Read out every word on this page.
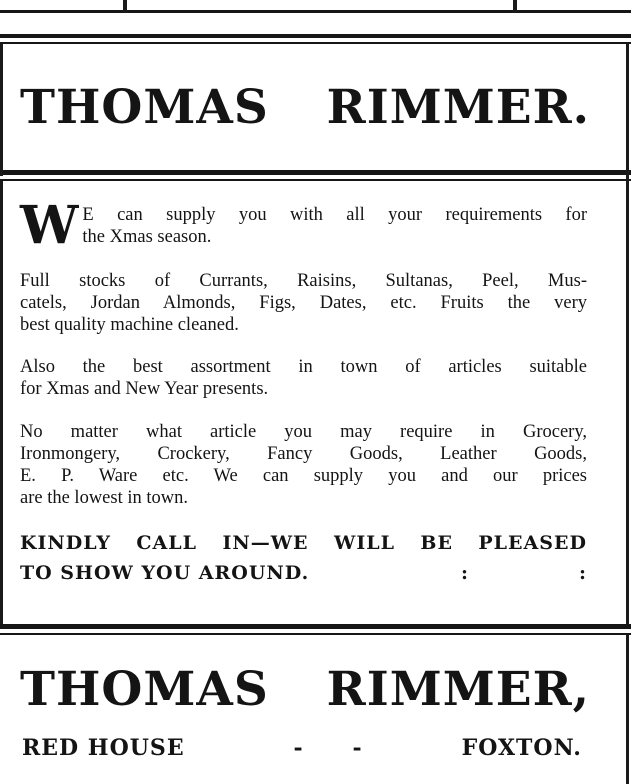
THOMAS RIMMER.
W E can supply you with all your requirements for
the Xmas season.
Full stocks of Currants, Raisins, Sultanas, Peel, Mus-
catels, Jordan Almonds, Figs, Dates, etc. Fruits the very
best quality machine cleaned.
Also the best assortment in town of articles suitable
for Xmas and New Year presents.
No matter what article you may require in Grocery,
Ironmongery, Crockery, Fancy Goods, Leather Goods,
E. P. Ware etc. We can supply you and our prices
are the lowest in town.
KINDLY CALL IN—WE WILL BE PLEASED
TO SHOW YOU AROUND.	:	:
THOMAS RIMMER,
RED HOUSE	- -	FOXTON.
